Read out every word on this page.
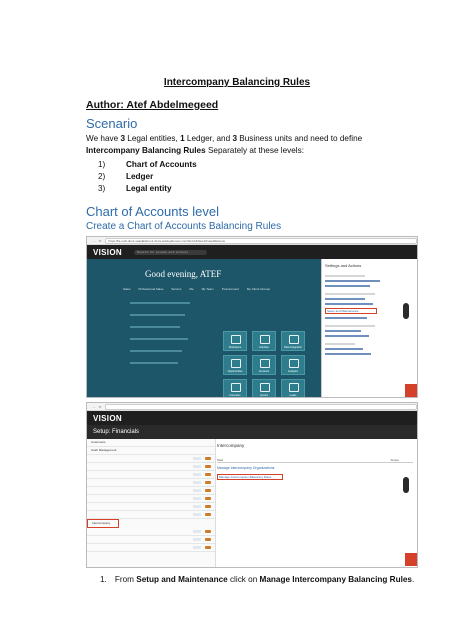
Intercompany Balancing Rules
Author: Atef Abdelmegeed
Scenario
We have 3 Legal entities, 1 Ledger, and 3 Business units and need to define Intercompany Balancing Rules Separately at these levels:
1)	Chart of Accounts
2)	Ledger
3)	Legal entity
Chart of Accounts level
Create a Chart of Accounts Balancing Rules
← ↻	https://fa-eudt-dev1-saasfademo1.ds-fa.oraclepdemos.com/fscmUI/faces/FuseWelcome
VISION	Search for people and actions
Good evening, ATEF
Sales	Professional Sales	Service	Me	My Team	Procurement	My Client Groups
Workspace	Activities	Data Integration
Opportunities	Accounts	Analytics
Forecasts	Quotes	Leads
Settings and Actions
Setup and Maintenance
← ↻
VISION
Setup: Financials
Customers
Cash Management
Intercompany
Intercompany
Task	Scope
Manage Intercompany Organizations
Manage Intercompany Balancing Rules
1. From Setup and Maintenance click on Manage Intercompany Balancing Rules.
